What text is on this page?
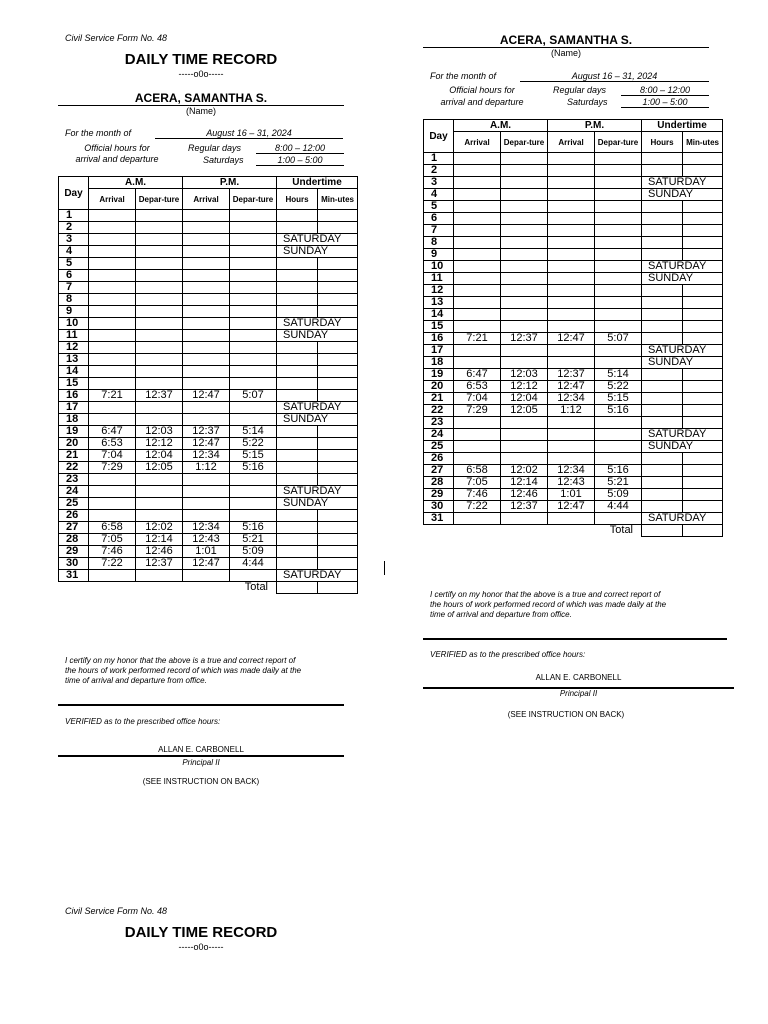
Civil Service Form No. 48
DAILY TIME RECORD
-----o0o-----
ACERA, SAMANTHA S.
(Name)
For the month of	August 16 – 31, 2024
Official hours for
arrival and departure
Regular days	8:00 – 12:00
Saturdays	1:00 – 5:00
Day	A.M.		P.M.		Undertime	
	Arrival	Depar-ture	Arrival	Depar-ture	Hours	Min-utes
1						
2						
3					SATURDAY	
4					SUNDAY	
5						
6						
7						
8						
9						
10					SATURDAY	
11					SUNDAY	
12						
13						
14						
15						
16	7:21	12:37	12:47	5:07		
17					SATURDAY	
18					SUNDAY	
19	6:47	12:03	12:37	5:14		
20	6:53	12:12	12:47	5:22		
21	7:04	12:04	12:34	5:15		
22	7:29	12:05	1:12	5:16		
23						
24					SATURDAY	
25					SUNDAY	
26						
27	6:58	12:02	12:34	5:16		
28	7:05	12:14	12:43	5:21		
29	7:46	12:46	1:01	5:09		
30	7:22	12:37	12:47	4:44		
31					SATURDAY	
Total						
I certify on my honor that the above is a true and correct report of
the hours of work performed record of which was made daily at the
time of arrival and departure from office.
VERIFIED as to the prescribed office hours:
ALLAN E. CARBONELL
Principal II
(SEE INSTRUCTION ON BACK)
ACERA, SAMANTHA S.
(Name)
For the month of	August 16 – 31, 2024
Official hours for
arrival and departure
Regular days	8:00 – 12:00
Saturdays	1:00 – 5:00
Day	A.M.		P.M.		Undertime	
	Arrival	Depar-ture	Arrival	Depar-ture	Hours	Min-utes
1						
2						
3					SATURDAY	
4					SUNDAY	
5						
6						
7						
8						
9						
10					SATURDAY	
11					SUNDAY	
12						
13						
14						
15						
16	7:21	12:37	12:47	5:07		
17					SATURDAY	
18					SUNDAY	
19	6:47	12:03	12:37	5:14		
20	6:53	12:12	12:47	5:22		
21	7:04	12:04	12:34	5:15		
22	7:29	12:05	1:12	5:16		
23						
24					SATURDAY	
25					SUNDAY	
26						
27	6:58	12:02	12:34	5:16		
28	7:05	12:14	12:43	5:21		
29	7:46	12:46	1:01	5:09		
30	7:22	12:37	12:47	4:44		
31					SATURDAY	
Total						
I certify on my honor that the above is a true and correct report of
the hours of work performed record of which was made daily at the
time of arrival and departure from office.
VERIFIED as to the prescribed office hours:
ALLAN E. CARBONELL
Principal II
(SEE INSTRUCTION ON BACK)
Civil Service Form No. 48
DAILY TIME RECORD
-----o0o-----
